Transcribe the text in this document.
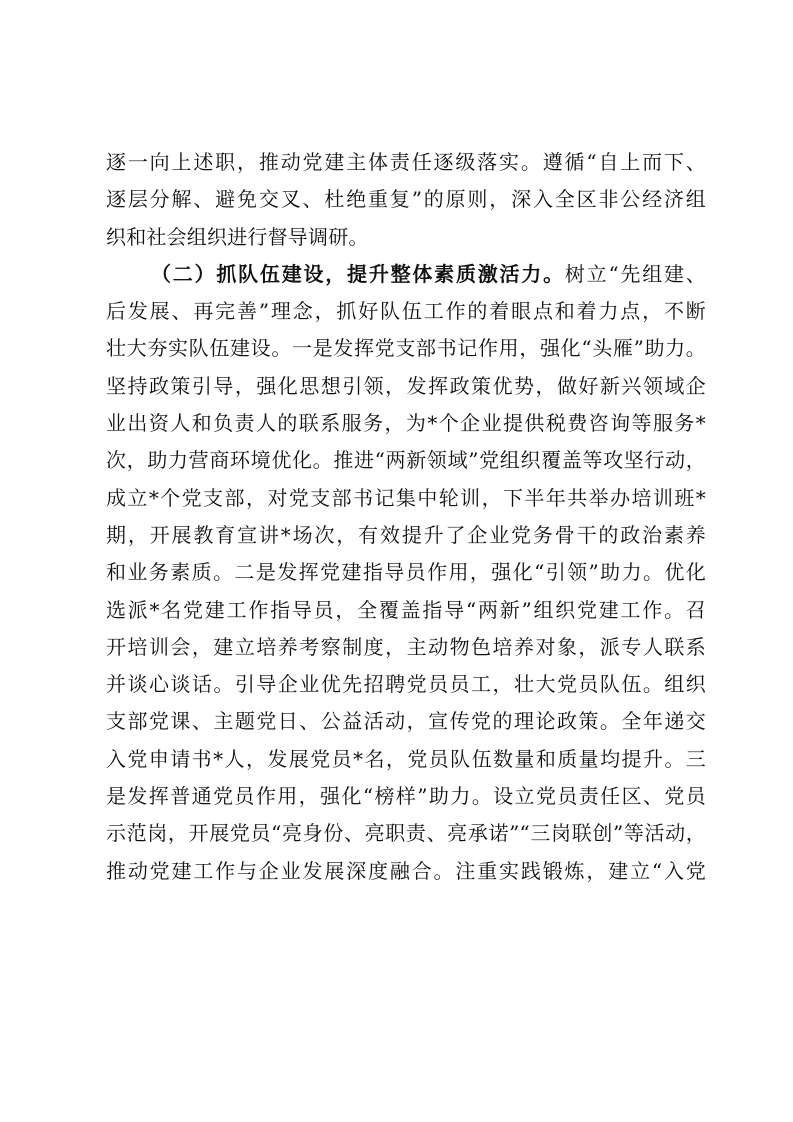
逐一向上述职，推动党建主体责任逐级落实。遵循“自上而下、
逐层分解、避免交叉、杜绝重复”的原则，深入全区非公经济组
织和社会组织进行督导调研。
（二）抓队伍建设，提升整体素质激活力。树立“先组建、
后发展、再完善”理念，抓好队伍工作的着眼点和着力点，不断
壮大夯实队伍建设。一是发挥党支部书记作用，强化“头雁”助力。
坚持政策引导，强化思想引领，发挥政策优势，做好新兴领域企
业出资人和负责人的联系服务，为*个企业提供税费咨询等服务*
次，助力营商环境优化。推进“两新领域”党组织覆盖等攻坚行动，
成立*个党支部，对党支部书记集中轮训，下半年共举办培训班*
期，开展教育宣讲*场次，有效提升了企业党务骨干的政治素养
和业务素质。二是发挥党建指导员作用，强化“引领”助力。优化
选派*名党建工作指导员，全覆盖指导“两新”组织党建工作。召
开培训会，建立培养考察制度，主动物色培养对象，派专人联系
并谈心谈话。引导企业优先招聘党员员工，壮大党员队伍。组织
支部党课、主题党日、公益活动，宣传党的理论政策。全年递交
入党申请书*人，发展党员*名，党员队伍数量和质量均提升。三
是发挥普通党员作用，强化“榜样”助力。设立党员责任区、党员
示范岗，开展党员“亮身份、亮职责、亮承诺”“三岗联创”等活动，
推动党建工作与企业发展深度融合。注重实践锻炼，建立“入党
